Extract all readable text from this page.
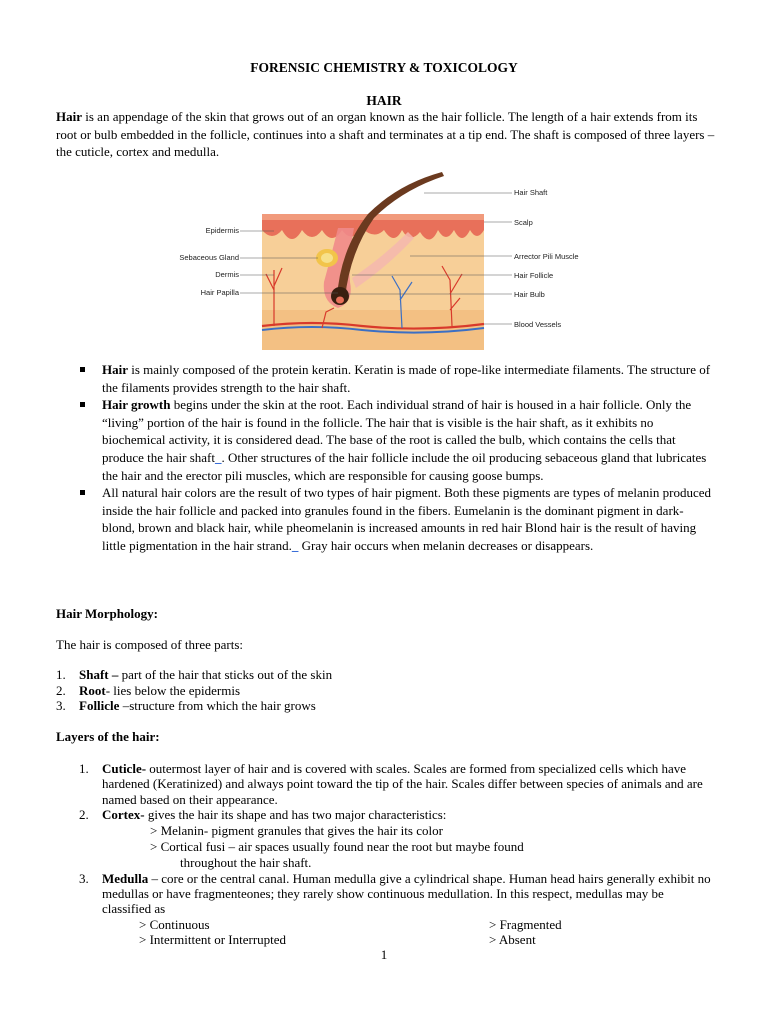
FORENSIC CHEMISTRY & TOXICOLOGY
HAIR
Hair is an appendage of the skin that grows out of an organ known as the hair follicle. The length of a hair extends from its root or bulb embedded in the follicle, continues into a shaft and terminates at a tip end. The shaft is composed of three layers – the cuticle, cortex and medulla.
Epidermis
Sebaceous Gland
Dermis
Hair Papilla
Hair Shaft
Scalp
Arrector Pili Muscle
Hair Follicle
Hair Bulb
Blood Vessels
Hair is mainly composed of the protein keratin. Keratin is made of rope-like intermediate filaments. The structure of the filaments provides strength to the hair shaft.
Hair growth begins under the skin at the root. Each individual strand of hair is housed in a hair follicle. Only the “living” portion of the hair is found in the follicle. The hair that is visible is the hair shaft, as it exhibits no biochemical activity, it is considered dead. The base of the root is called the bulb, which contains the cells that produce the hair shaft_. Other structures of the hair follicle include the oil producing sebaceous gland that lubricates the hair and the erector pili muscles, which are responsible for causing goose bumps.
All natural hair colors are the result of two types of hair pigment. Both these pigments are types of melanin produced inside the hair follicle and packed into granules found in the fibers. Eumelanin is the dominant pigment in dark-blond, brown and black hair, while pheomelanin is increased amounts in red hair Blond hair is the result of having little pigmentation in the hair strand._ Gray hair occurs when melanin decreases or disappears.
Hair Morphology:
The hair is composed of three parts:
1. Shaft – part of the hair that sticks out of the skin
2. Root- lies below the epidermis
3. Follicle –structure from which the hair grows
Layers of the hair:
1. Cuticle- outermost layer of hair and is covered with scales. Scales are formed from specialized cells which have hardened (Keratinized) and always point toward the tip of the hair. Scales differ between species of animals and are named based on their appearance.
2. Cortex- gives the hair its shape and has two major characteristics:
> Melanin- pigment granules that gives the hair its color
> Cortical fusi – air spaces usually found near the root but maybe found
throughout the hair shaft.
3. Medulla – core or the central canal. Human medulla give a cylindrical shape. Human head hairs generally exhibit no medullas or have fragmenteones; they rarely show continuous medullation. In this respect, medullas may be classified as
> Continuous	> Fragmented
> Intermittent or Interrupted	> Absent
1
